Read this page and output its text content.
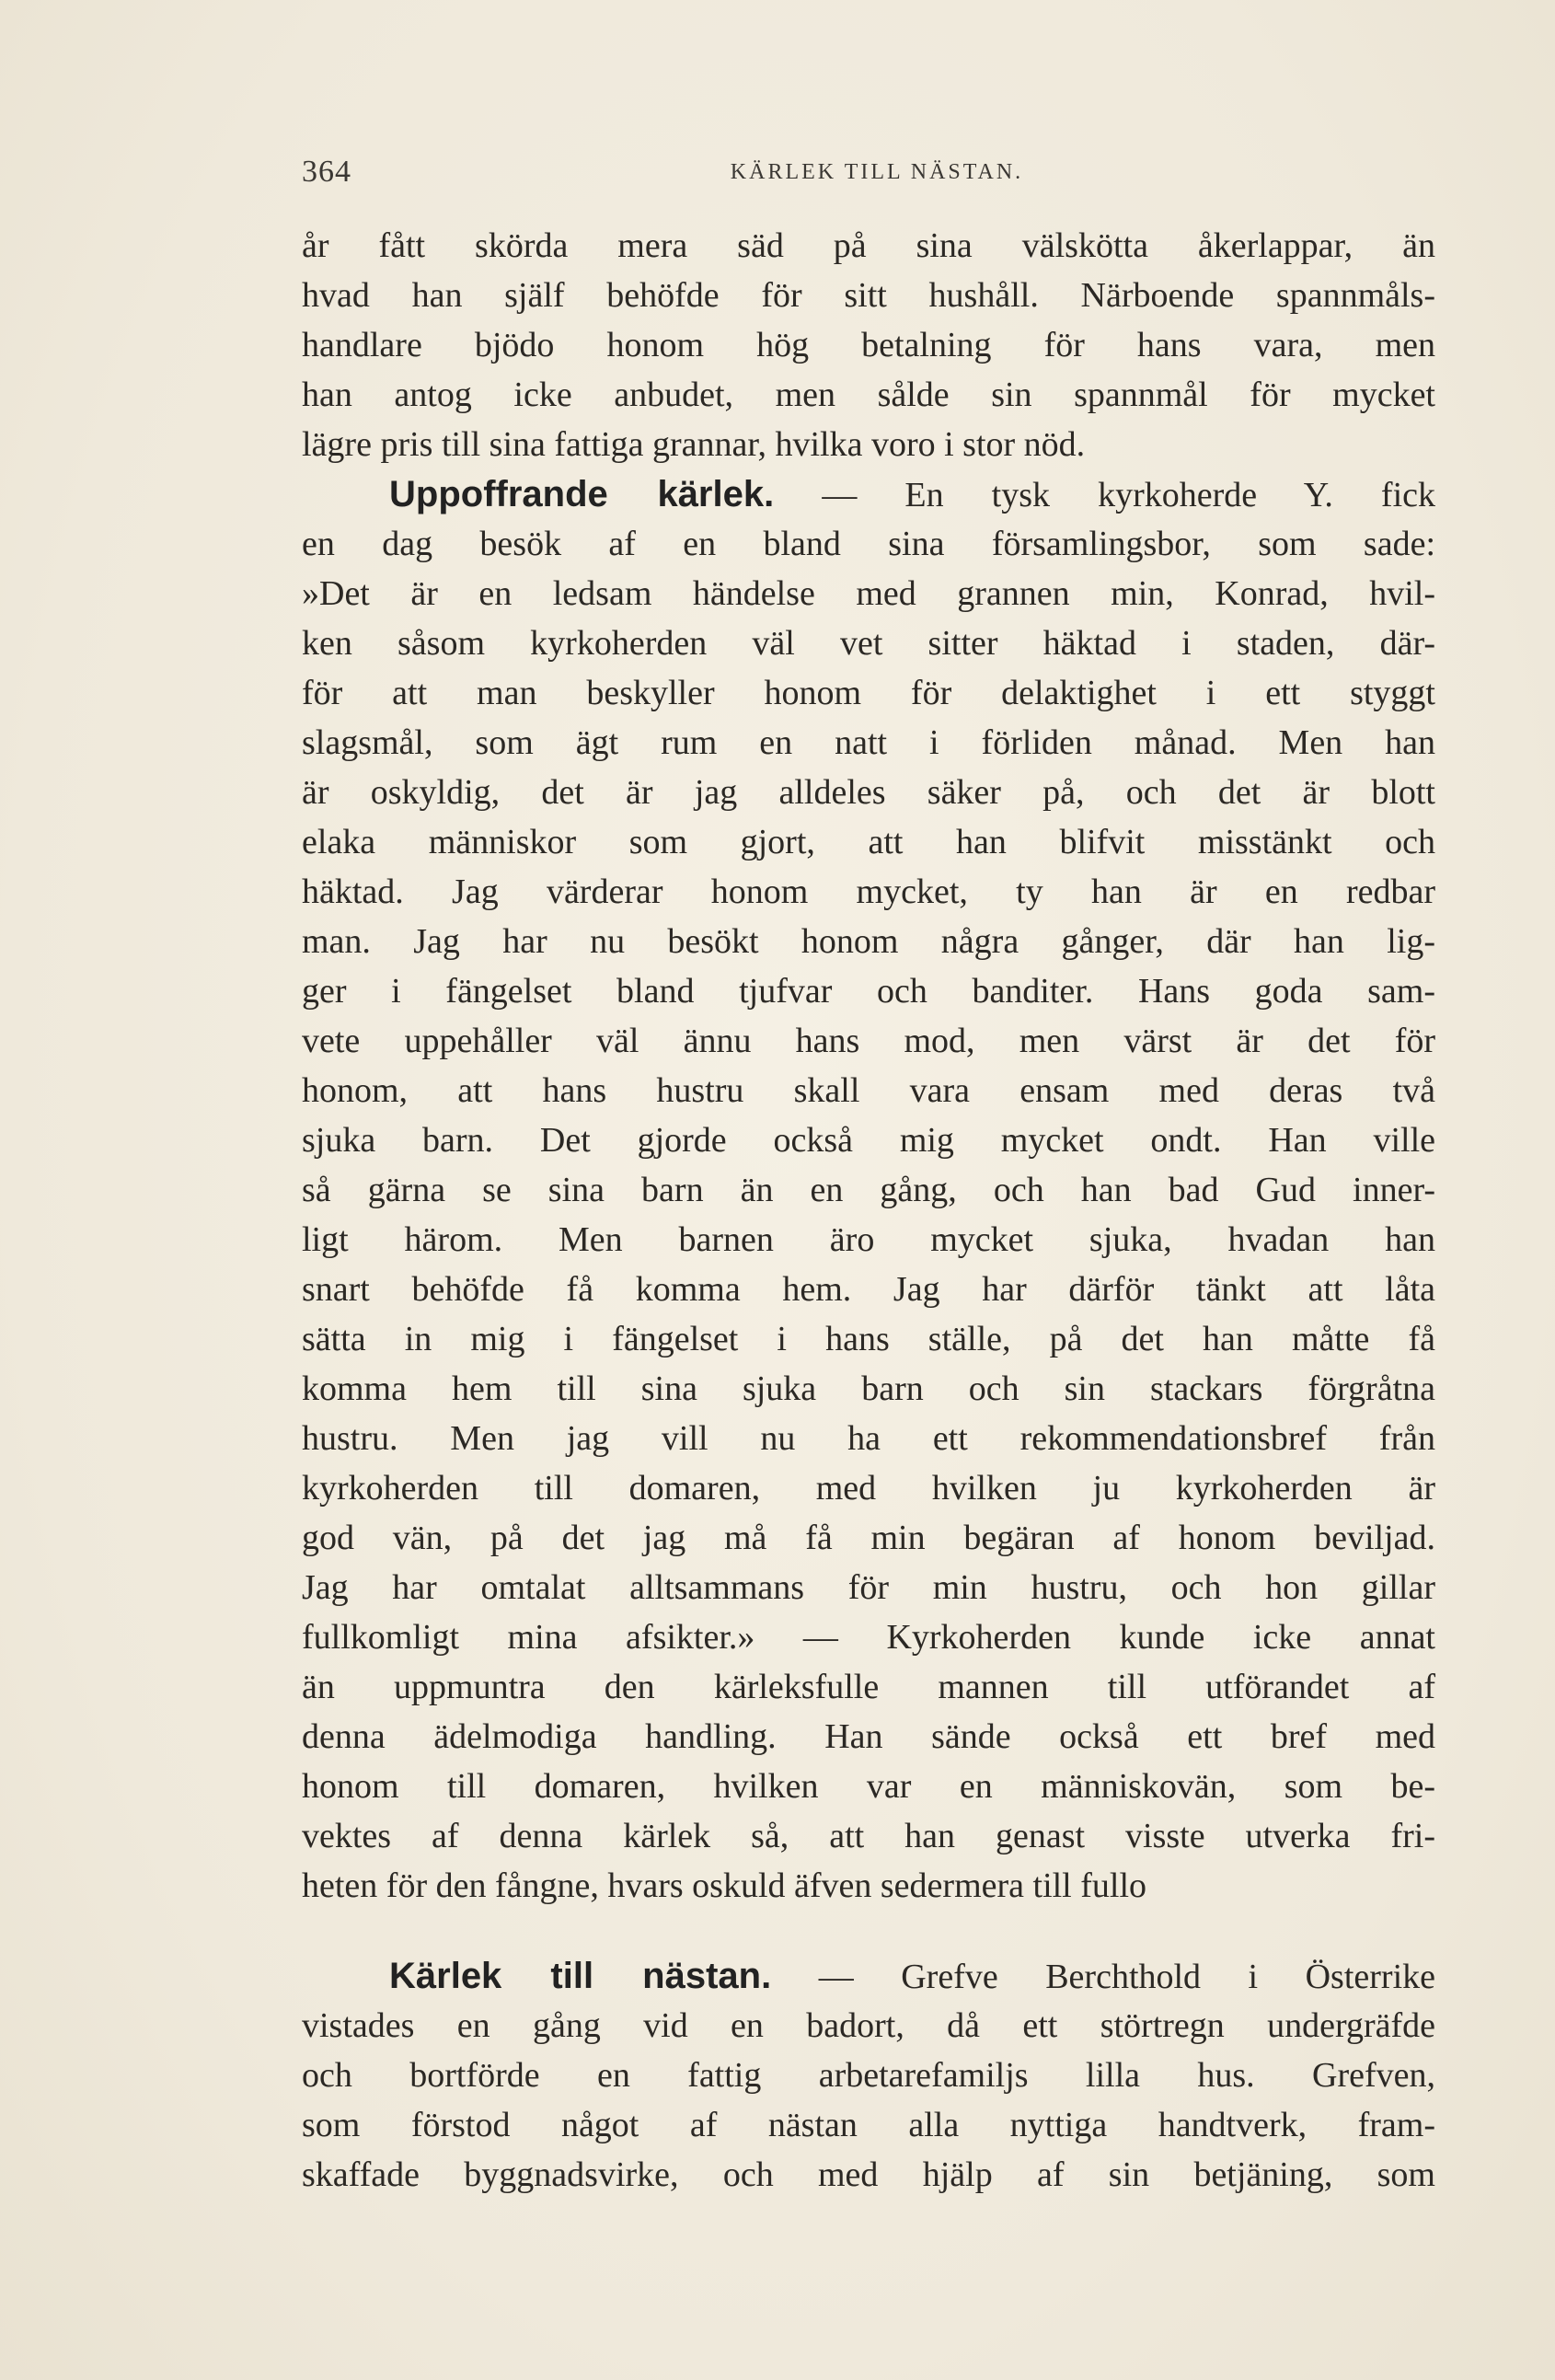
364	KÄRLEK TILL NÄSTAN.
år fått skörda mera säd på sina välskötta åkerlappar, än
hvad han själf behöfde för sitt hushåll. Närboende spannmåls-
handlare bjödo honom hög betalning för hans vara, men
han antog icke anbudet, men sålde sin spannmål för mycket
lägre pris till sina fattiga grannar, hvilka voro i stor nöd.
Uppoffrande kärlek. — En tysk kyrkoherde Y. fick
en dag besök af en bland sina församlingsbor, som sade:
»Det är en ledsam händelse med grannen min, Konrad, hvil-
ken såsom kyrkoherden väl vet sitter häktad i staden, där-
för att man beskyller honom för delaktighet i ett styggt
slagsmål, som ägt rum en natt i förliden månad. Men han
är oskyldig, det är jag alldeles säker på, och det är blott
elaka människor som gjort, att han blifvit misstänkt och
häktad. Jag värderar honom mycket, ty han är en redbar
man. Jag har nu besökt honom några gånger, där han lig-
ger i fängelset bland tjufvar och banditer. Hans goda sam-
vete uppehåller väl ännu hans mod, men värst är det för
honom, att hans hustru skall vara ensam med deras två
sjuka barn. Det gjorde också mig mycket ondt. Han ville
så gärna se sina barn än en gång, och han bad Gud inner-
ligt härom. Men barnen äro mycket sjuka, hvadan han
snart behöfde få komma hem. Jag har därför tänkt att låta
sätta in mig i fängelset i hans ställe, på det han måtte få
komma hem till sina sjuka barn och sin stackars förgråtna
hustru. Men jag vill nu ha ett rekommendationsbref från
kyrkoherden till domaren, med hvilken ju kyrkoherden är
god vän, på det jag må få min begäran af honom beviljad.
Jag har omtalat alltsammans för min hustru, och hon gillar
fullkomligt mina afsikter.» — Kyrkoherden kunde icke annat
än uppmuntra den kärleksfulle mannen till utförandet af
denna ädelmodiga handling. Han sände också ett bref med
honom till domaren, hvilken var en människovän, som be-
vektes af denna kärlek så, att han genast visste utverka fri-
heten för den fångne, hvars oskuld äfven sedermera till fullo
Kärlek till nästan. — Grefve Berchthold i Österrike
vistades en gång vid en badort, då ett störtregn undergräfde
och bortförde en fattig arbetarefamiljs lilla hus. Grefven,
som förstod något af nästan alla nyttiga handtverk, fram-
skaffade byggnadsvirke, och med hjälp af sin betjäning, som
